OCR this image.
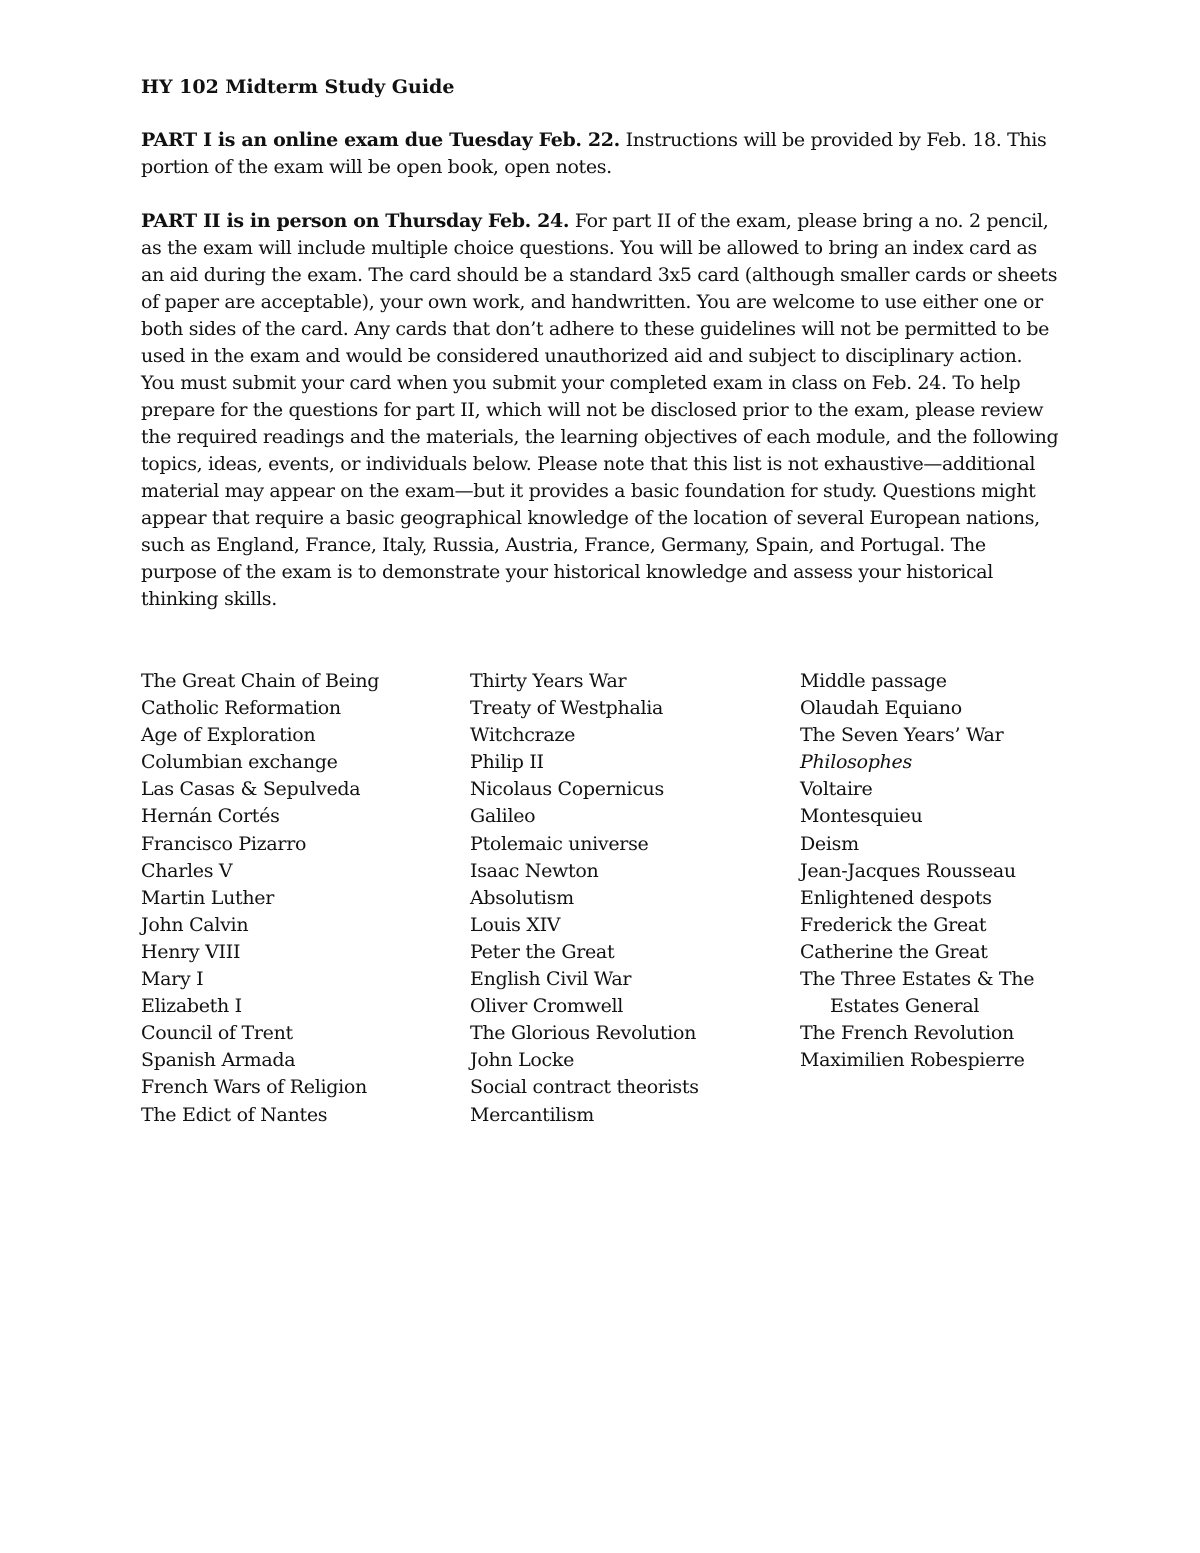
HY 102 Midterm Study Guide

PART I is an online exam due Tuesday Feb. 22. Instructions will be provided by Feb. 18. This portion of the exam will be open book, open notes.

PART II is in person on Thursday Feb. 24. For part II of the exam, please bring a no. 2 pencil, as the exam will include multiple choice questions. You will be allowed to bring an index card as an aid during the exam. The card should be a standard 3x5 card (although smaller cards or sheets of paper are acceptable), your own work, and handwritten. You are welcome to use either one or both sides of the card. Any cards that don’t adhere to these guidelines will not be permitted to be used in the exam and would be considered unauthorized aid and subject to disciplinary action. You must submit your card when you submit your completed exam in class on Feb. 24. To help prepare for the questions for part II, which will not be disclosed prior to the exam, please review the required readings and the materials, the learning objectives of each module, and the following topics, ideas, events, or individuals below. Please note that this list is not exhaustive—additional material may appear on the exam—but it provides a basic foundation for study. Questions might appear that require a basic geographical knowledge of the location of several European nations, such as England, France, Italy, Russia, Austria, France, Germany, Spain, and Portugal. The purpose of the exam is to demonstrate your historical knowledge and assess your historical thinking skills.

The Great Chain of Being
Catholic Reformation
Age of Exploration
Columbian exchange
Las Casas & Sepulveda
Hernán Cortés
Francisco Pizarro
Charles V
Martin Luther
John Calvin
Henry VIII
Mary I
Elizabeth I
Council of Trent
Spanish Armada
French Wars of Religion
The Edict of Nantes
Thirty Years War
Treaty of Westphalia
Witchcraze
Philip II
Nicolaus Copernicus
Galileo
Ptolemaic universe
Isaac Newton
Absolutism
Louis XIV
Peter the Great
English Civil War
Oliver Cromwell
The Glorious Revolution
John Locke
Social contract theorists
Mercantilism
Middle passage
Olaudah Equiano
The Seven Years’ War
Philosophes
Voltaire
Montesquieu
Deism
Jean-Jacques Rousseau
Enlightened despots
Frederick the Great
Catherine the Great
The Three Estates & The Estates General
The French Revolution
Maximilien Robespierre
